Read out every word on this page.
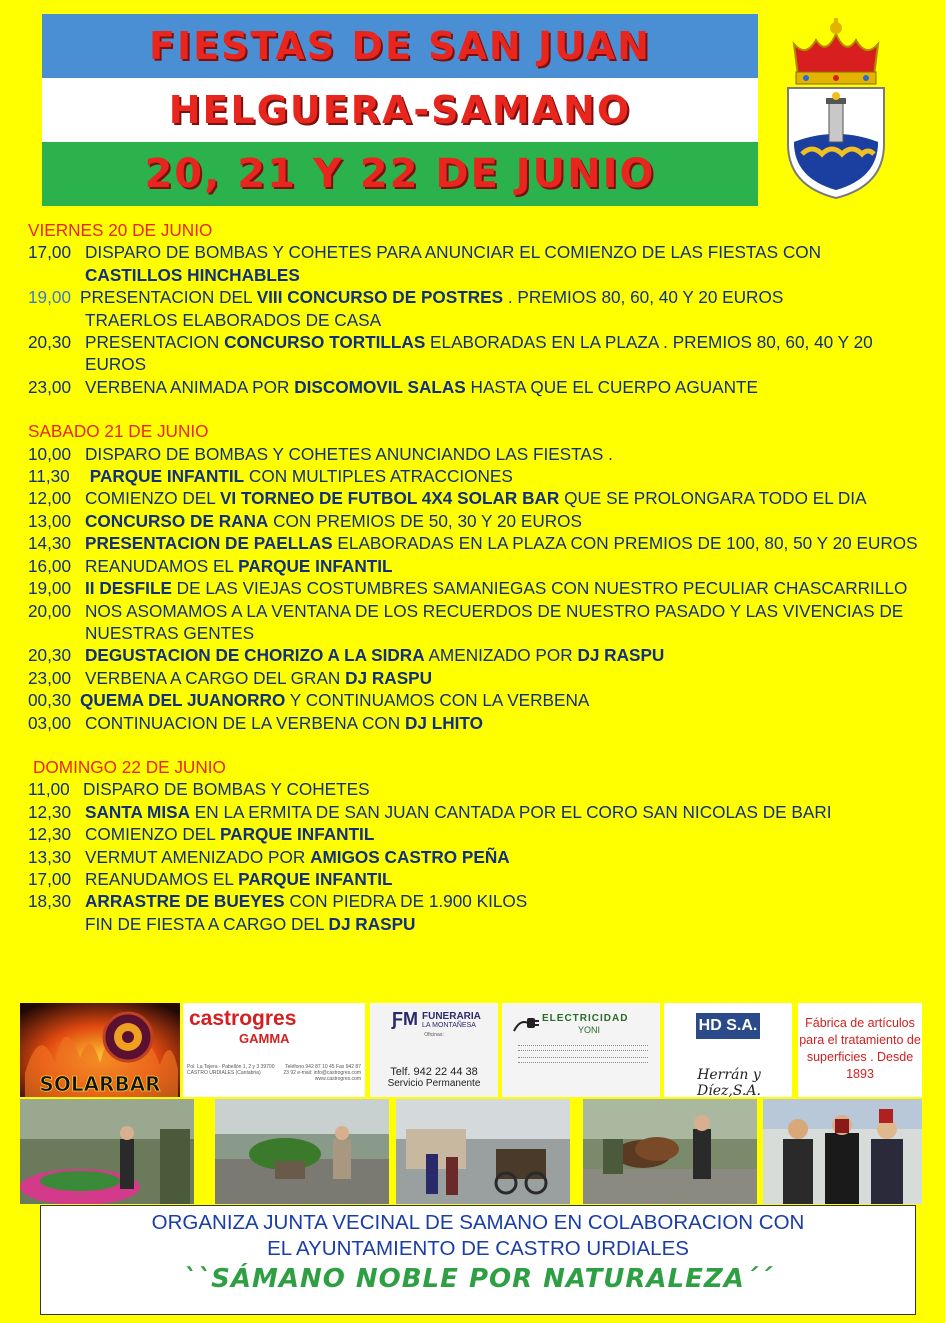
FIESTAS DE SAN JUAN
HELGUERA-SAMANO
20, 21 Y 22 DE JUNIO

VIERNES 20 DE JUNIO

17,00 DISPARO DE BOMBAS Y COHETES PARA ANUNCIAR EL COMIENZO DE LAS FIESTAS CON
CASTILLOS HINCHABLES
19,00 PRESENTACION DEL VIII CONCURSO DE POSTRES . PREMIOS 80, 60, 40 Y 20 EUROS
TRAERLOS ELABORADOS DE CASA
20,30 PRESENTACION CONCURSO TORTILLAS ELABORADAS EN LA PLAZA . PREMIOS 80, 60, 40 Y 20 EUROS
23,00 VERBENA ANIMADA POR DISCOMOVIL SALAS HASTA QUE EL CUERPO AGUANTE

SABADO 21 DE JUNIO

10,00 DISPARO DE BOMBAS Y COHETES ANUNCIANDO LAS FIESTAS .
11,30	PARQUE INFANTIL CON MULTIPLES ATRACCIONES
12,00 COMIENZO DEL VI TORNEO DE FUTBOL 4X4 SOLAR BAR QUE SE PROLONGARA TODO EL DIA
13,00 CONCURSO DE RANA CON PREMIOS DE 50, 30 Y 20 EUROS
14,30 PRESENTACION DE PAELLAS ELABORADAS EN LA PLAZA CON PREMIOS DE 100, 80, 50 Y 20 EUROS
16,00 REANUDAMOS EL PARQUE INFANTIL
19,00 II DESFILE DE LAS VIEJAS COSTUMBRES SAMANIEGAS CON NUESTRO PECULIAR CHASCARRILLO
20,00 NOS ASOMAMOS A LA VENTANA DE LOS RECUERDOS DE NUESTRO PASADO Y LAS VIVENCIAS DE NUESTRAS GENTES
20,30 DEGUSTACION DE CHORIZO A LA SIDRA AMENIZADO POR DJ RASPU
23,00 VERBENA A CARGO DEL GRAN DJ RASPU
00,30 QUEMA DEL JUANORRO Y CONTINUAMOS CON LA VERBENA
03,00 CONTINUACION DE LA VERBENA CON DJ LHITO

DOMINGO 22 DE JUNIO

11,00 DISPARO DE BOMBAS Y COHETES
12,30 SANTA MISA EN LA ERMITA DE SAN JUAN CANTADA POR EL CORO SAN NICOLAS DE BARI
12,30 COMIENZO DEL PARQUE INFANTIL
13,30 VERMUT AMENIZADO POR AMIGOS CASTRO PEÑA
17,00 REANUDAMOS EL PARQUE INFANTIL
18,30 ARRASTRE DE BUEYES CON PIEDRA DE 1.900 KILOS
FIN DE FIESTA A CARGO DEL DJ RASPU
SOLARBAR
castrogres
GAMMA
Pol. La Tejera - Pabellón 1, 2 y 3 39700 CASTRO URDIALES (Cantabria)
Teléfono 942 87 10 45 Fax 942 87 23 92 e-mail: info@castrogres.com www.castrogres.com
ƑM FUNERARIA
LA MONTAÑESA
Oficinas:
Telf. 942 22 44 38
Servicio Permanente
ELECTRICIDAD
YONI	HD S.A.
Herrán y Díez,S.A.
Fábrica de artículos para el tratamiento de superficies . Desde 1893
ORGANIZA JUNTA VECINAL DE SAMANO EN COLABORACION CON
EL AYUNTAMIENTO DE CASTRO URDIALES
``SÁMANO NOBLE POR NATURALEZA´´
